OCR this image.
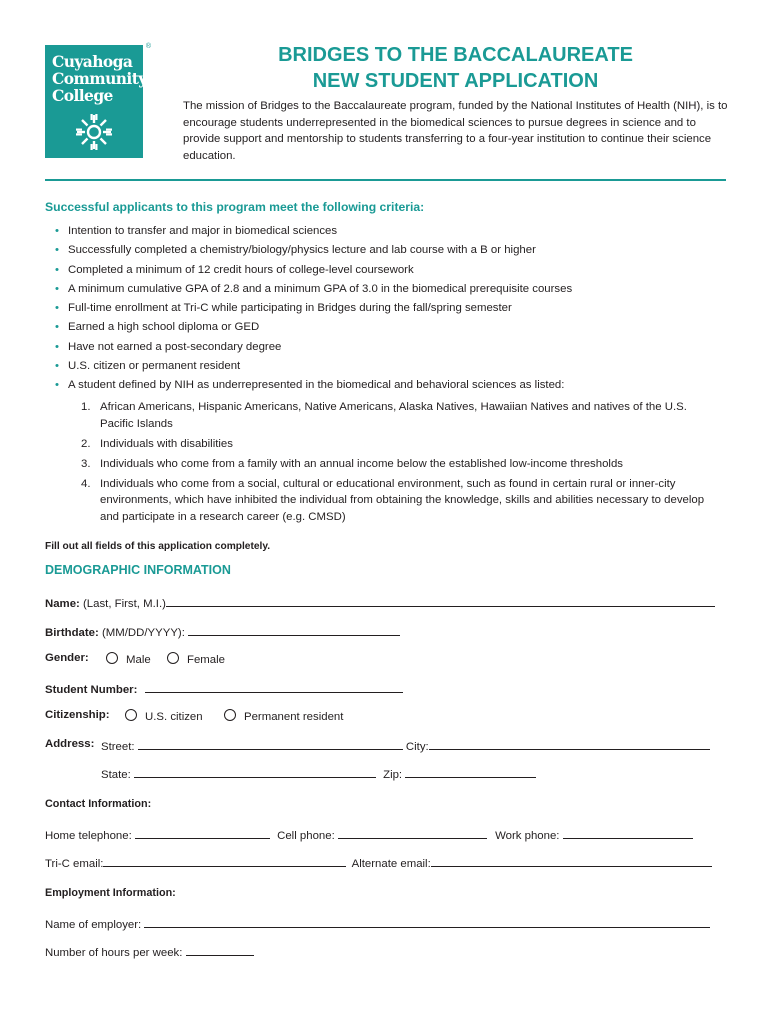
®
Cuyahoga
Community
College
BRIDGES TO THE BACCALAUREATE
NEW STUDENT APPLICATION
The mission of Bridges to the Baccalaureate program, funded by the National Institutes of Health (NIH), is to encourage students underrepresented in the biomedical sciences to pursue degrees in science and to provide support and mentorship to students transferring to a four-year institution to continue their science education.
Successful applicants to this program meet the following criteria:
• Intention to transfer and major in biomedical sciences
• Successfully completed a chemistry/biology/physics lecture and lab course with a B or higher
• Completed a minimum of 12 credit hours of college-level coursework
• A minimum cumulative GPA of 2.8 and a minimum GPA of 3.0 in the biomedical prerequisite courses
• Full-time enrollment at Tri-C while participating in Bridges during the fall/spring semester
• Earned a high school diploma or GED
• Have not earned a post-secondary degree
• U.S. citizen or permanent resident
• A student defined by NIH as underrepresented in the biomedical and behavioral sciences as listed:
1. African Americans, Hispanic Americans, Native Americans, Alaska Natives, Hawaiian Natives and natives of the U.S. Pacific Islands
2. Individuals with disabilities
3. Individuals who come from a family with an annual income below the established low-income thresholds
4. Individuals who come from a social, cultural or educational environment, such as found in certain rural or inner-city environments, which have inhibited the individual from obtaining the knowledge, skills and abilities necessary to develop and participate in a research career (e.g. CMSD)
Fill out all fields of this application completely.
DEMOGRAPHIC INFORMATION
Name: (Last, First, M.I.)
Birthdate: (MM/DD/YYYY):
Gender:	Male	Female
Student Number:
Citizenship:	U.S. citizen	Permanent resident
Address: Street:	City:
State:	Zip:
Contact Information:
Home telephone:	Cell phone:	Work phone:
Tri-C email:	Alternate email:
Employment Information:
Name of employer:
Number of hours per week:
